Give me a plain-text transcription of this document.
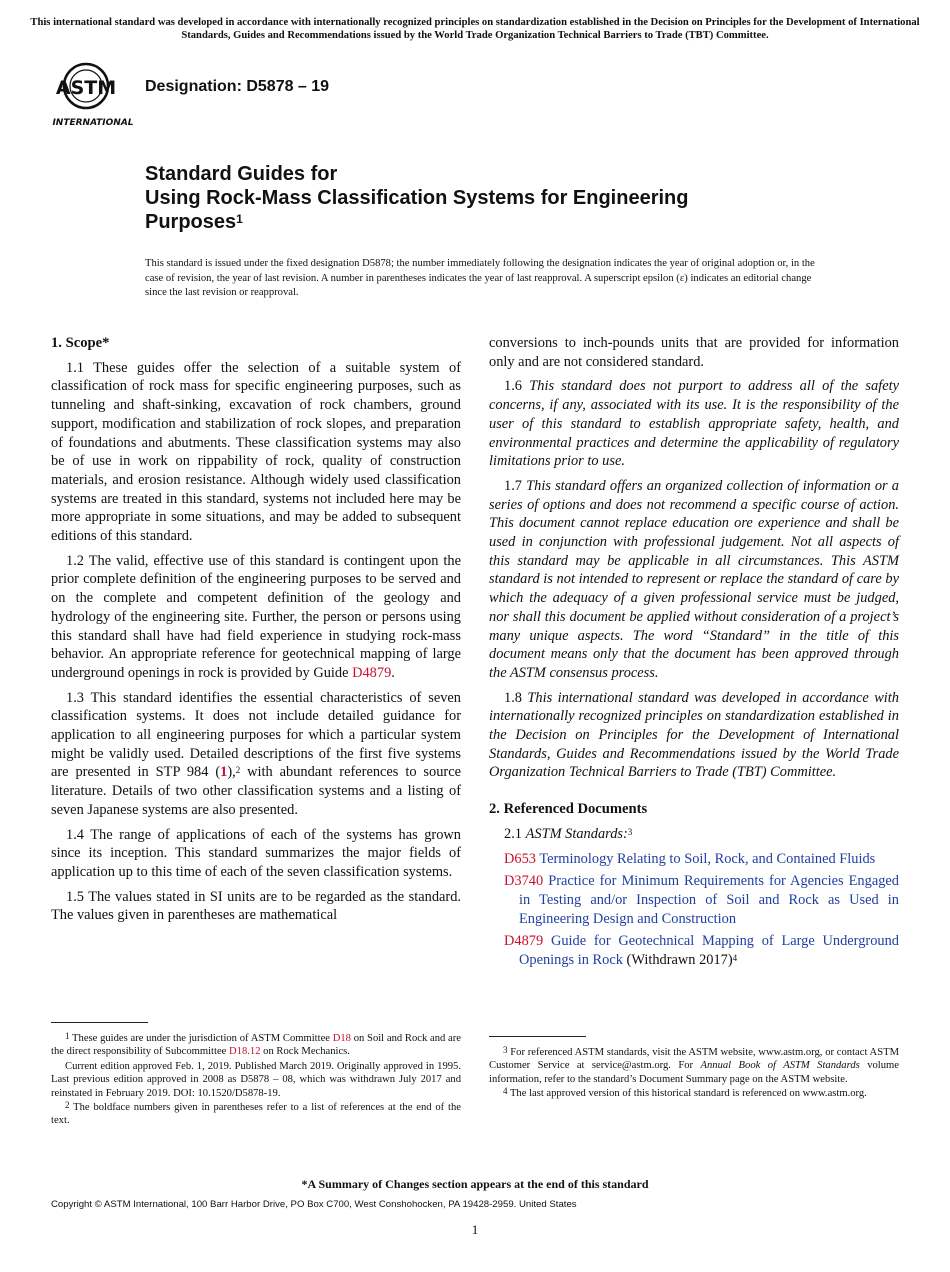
This international standard was developed in accordance with internationally recognized principles on standardization established in the Decision on Principles for the Development of International Standards, Guides and Recommendations issued by the World Trade Organization Technical Barriers to Trade (TBT) Committee.
ASTM
INTERNATIONAL
Designation: D5878 – 19
Standard Guides for
Using Rock-Mass Classification Systems for Engineering
Purposes$^1$
This standard is issued under the fixed designation D5878; the number immediately following the designation indicates the year of original adoption or, in the case of revision, the year of last revision. A number in parentheses indicates the year of last reapproval. A superscript epsilon (ε) indicates an editorial change since the last revision or reapproval.

1. Scope*

1.1 These guides offer the selection of a suitable system of classification of rock mass for specific engineering purposes, such as tunneling and shaft-sinking, excavation of rock chambers, ground support, modification and stabilization of rock slopes, and preparation of foundations and abutments. These classification systems may also be of use in work on rippability of rock, quality of construction materials, and erosion resistance. Although widely used classification systems are treated in this standard, systems not included here may be more appropriate in some situations, and may be added to subsequent editions of this standard.

1.2 The valid, effective use of this standard is contingent upon the prior complete definition of the engineering purposes to be served and on the complete and competent definition of the geology and hydrology of the engineering site. Further, the person or persons using this standard shall have had field experience in studying rock-mass behavior. An appropriate reference for geotechnical mapping of large underground openings in rock is provided by Guide D4879.

1.3 This standard identifies the essential characteristics of seven classification systems. It does not include detailed guidance for application to all engineering purposes for which a particular system might be validly used. Detailed descriptions of the first five systems are presented in STP 984 (1),$^2$ with abundant references to source literature. Details of two other classification systems and a listing of seven Japanese systems are also presented.

1.4 The range of applications of each of the systems has grown since its inception. This standard summarizes the major fields of application up to this time of each of the seven classification systems.

1.5 The values stated in SI units are to be regarded as the standard. The values given in parentheses are mathematical

conversions to inch-pounds units that are provided for information only and are not considered standard.

1.6 This standard does not purport to address all of the safety concerns, if any, associated with its use. It is the responsibility of the user of this standard to establish appropriate safety, health, and environmental practices and determine the applicability of regulatory limitations prior to use.

1.7 This standard offers an organized collection of information or a series of options and does not recommend a specific course of action. This document cannot replace education ore experience and shall be used in conjunction with professional judgement. Not all aspects of this standard may be applicable in all circumstances. This ASTM standard is not intended to represent or replace the standard of care by which the adequacy of a given professional service must be judged, nor shall this document be applied without consideration of a project’s many unique aspects. The word “Standard” in the title of this document means only that the document has been approved through the ASTM consensus process.

1.8 This international standard was developed in accordance with internationally recognized principles on standardization established in the Decision on Principles for the Development of International Standards, Guides and Recommendations issued by the World Trade Organization Technical Barriers to Trade (TBT) Committee.

2. Referenced Documents

2.1 ASTM Standards:$^3$

D653 Terminology Relating to Soil, Rock, and Contained Fluids
D3740 Practice for Minimum Requirements for Agencies Engaged in Testing and/or Inspection of Soil and Rock as Used in Engineering Design and Construction
D4879 Guide for Geotechnical Mapping of Large Underground Openings in Rock (Withdrawn 2017)$^4$

$^1$ These guides are under the jurisdiction of ASTM Committee D18 on Soil and Rock and are the direct responsibility of Subcommittee D18.12 on Rock Mechanics.

Current edition approved Feb. 1, 2019. Published March 2019. Originally approved in 1995. Last previous edition approved in 2008 as D5878 – 08, which was withdrawn July 2017 and reinstated in February 2019. DOI: 10.1520/D5878-19.

$^2$ The boldface numbers given in parentheses refer to a list of references at the end of the text.

$^3$ For referenced ASTM standards, visit the ASTM website, www.astm.org, or contact ASTM Customer Service at service@astm.org. For Annual Book of ASTM Standards volume information, refer to the standard’s Document Summary page on the ASTM website.

$^4$ The last approved version of this historical standard is referenced on www.astm.org.

*A Summary of Changes section appears at the end of this standard
Copyright © ASTM International, 100 Barr Harbor Drive, PO Box C700, West Conshohocken, PA 19428-2959. United States
1
